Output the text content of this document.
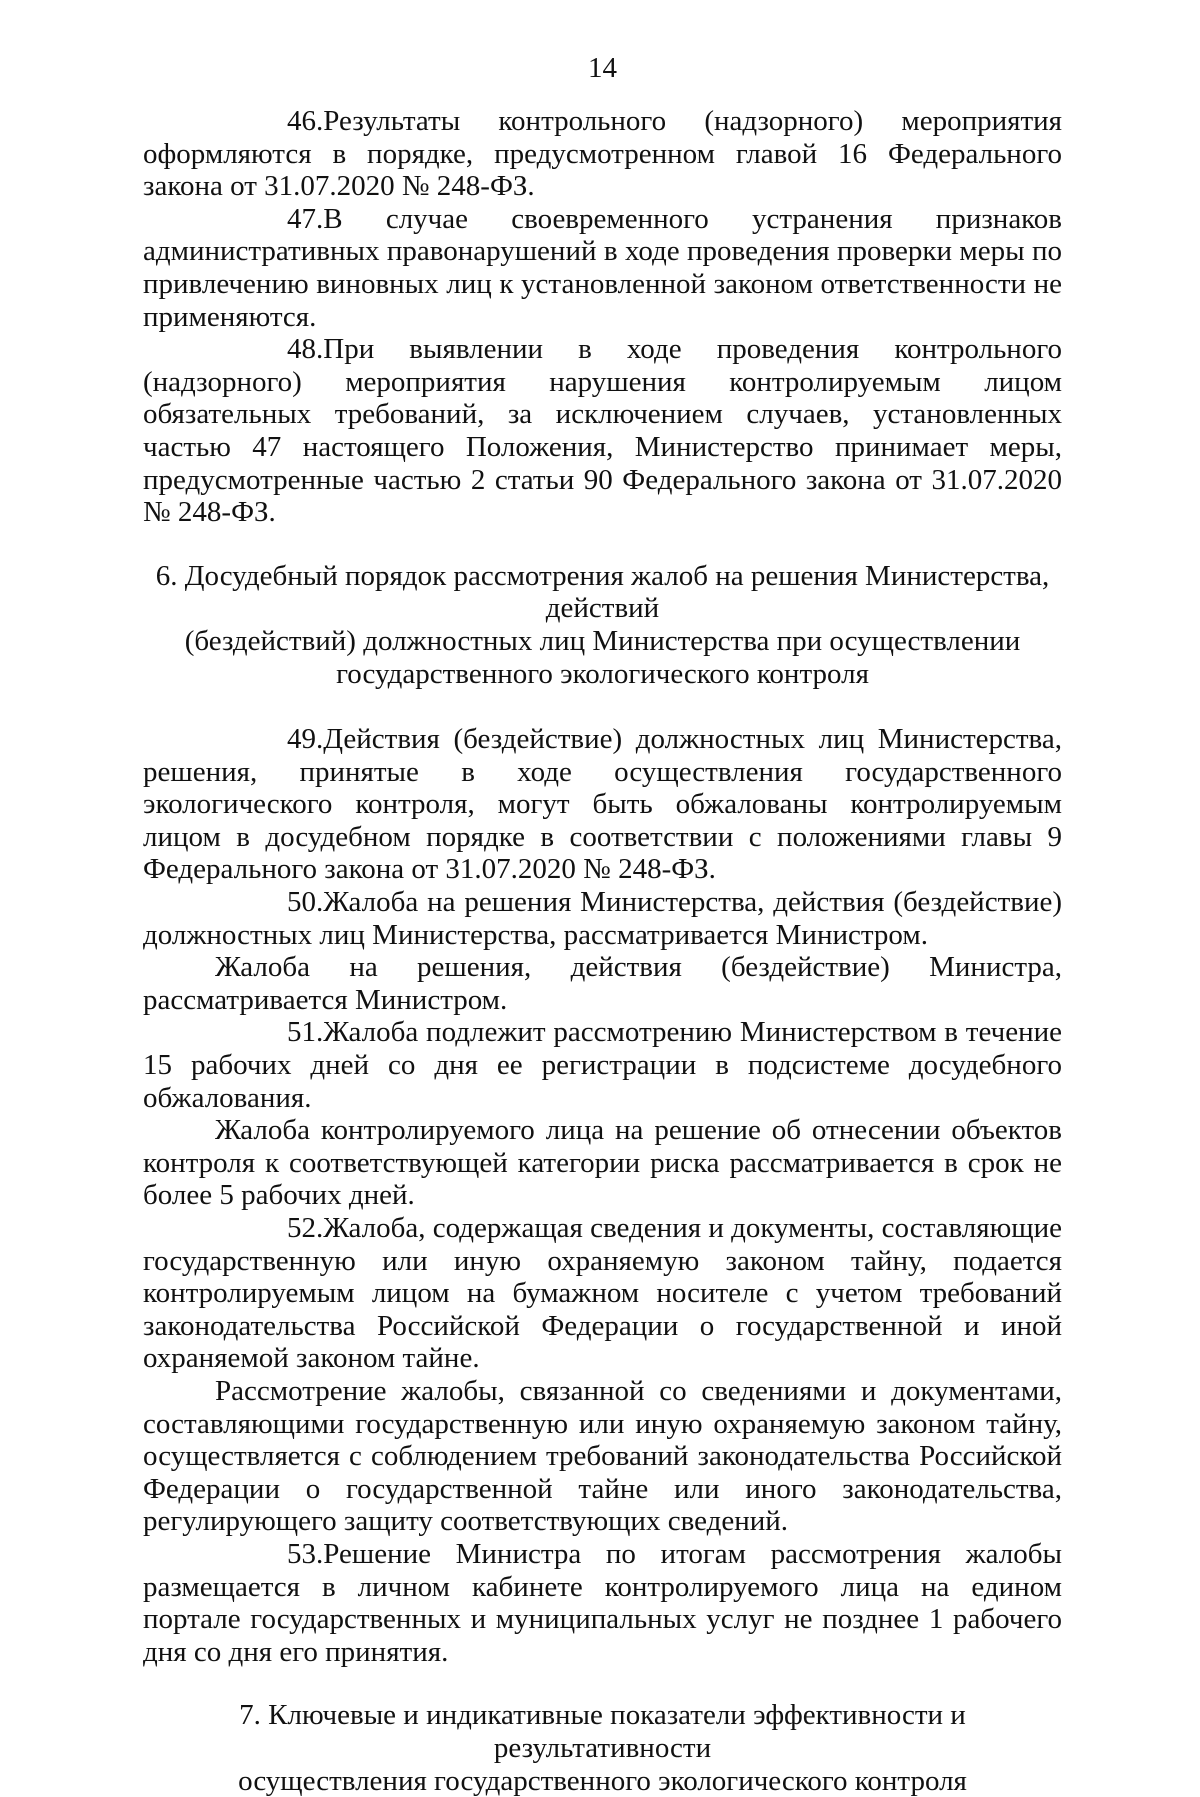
14

46.Результаты контрольного (надзорного) мероприятия оформляются в порядке, предусмотренном главой 16 Федерального закона от 31.07.2020 № 248-ФЗ.

47.В случае своевременного устранения признаков административных правонарушений в ходе проведения проверки меры по привлечению виновных лиц к установленной законом ответственности не применяются.

48.При выявлении в ходе проведения контрольного (надзорного) мероприятия нарушения контролируемым лицом обязательных требований, за исключением случаев, установленных частью 47 настоящего Положения, Министерство принимает меры, предусмотренные частью 2 статьи 90 Федерального закона от 31.07.2020 № 248-ФЗ.

6. Досудебный порядок рассмотрения жалоб на решения Министерства, действий
(бездействий) должностных лиц Министерства при осуществлении
государственного экологического контроля

49.Действия (бездействие) должностных лиц Министерства, решения, принятые в ходе осуществления государственного экологического контроля, могут быть обжалованы контролируемым лицом в досудебном порядке в соответствии с положениями главы 9 Федерального закона от 31.07.2020 № 248-ФЗ.

50.Жалоба на решения Министерства, действия (бездействие) должностных лиц Министерства, рассматривается Министром.

Жалоба на решения, действия (бездействие) Министра, рассматривается Министром.

51.Жалоба подлежит рассмотрению Министерством в течение 15 рабочих дней со дня ее регистрации в подсистеме досудебного обжалования.

Жалоба контролируемого лица на решение об отнесении объектов контроля к соответствующей категории риска рассматривается в срок не более 5 рабочих дней.

52.Жалоба, содержащая сведения и документы, составляющие государственную или иную охраняемую законом тайну, подается контролируемым лицом на бумажном носителе с учетом требований законодательства Российской Федерации о государственной и иной охраняемой законом тайне.

Рассмотрение жалобы, связанной со сведениями и документами, составляющими государственную или иную охраняемую законом тайну, осуществляется с соблюдением требований законодательства Российской Федерации о государственной тайне или иного законодательства, регулирующего защиту соответствующих сведений.

53.Решение Министра по итогам рассмотрения жалобы размещается в личном кабинете контролируемого лица на едином портале государственных и муниципальных услуг не позднее 1 рабочего дня со дня его принятия.

7. Ключевые и индикативные показатели эффективности и результативности
осуществления государственного экологического контроля
